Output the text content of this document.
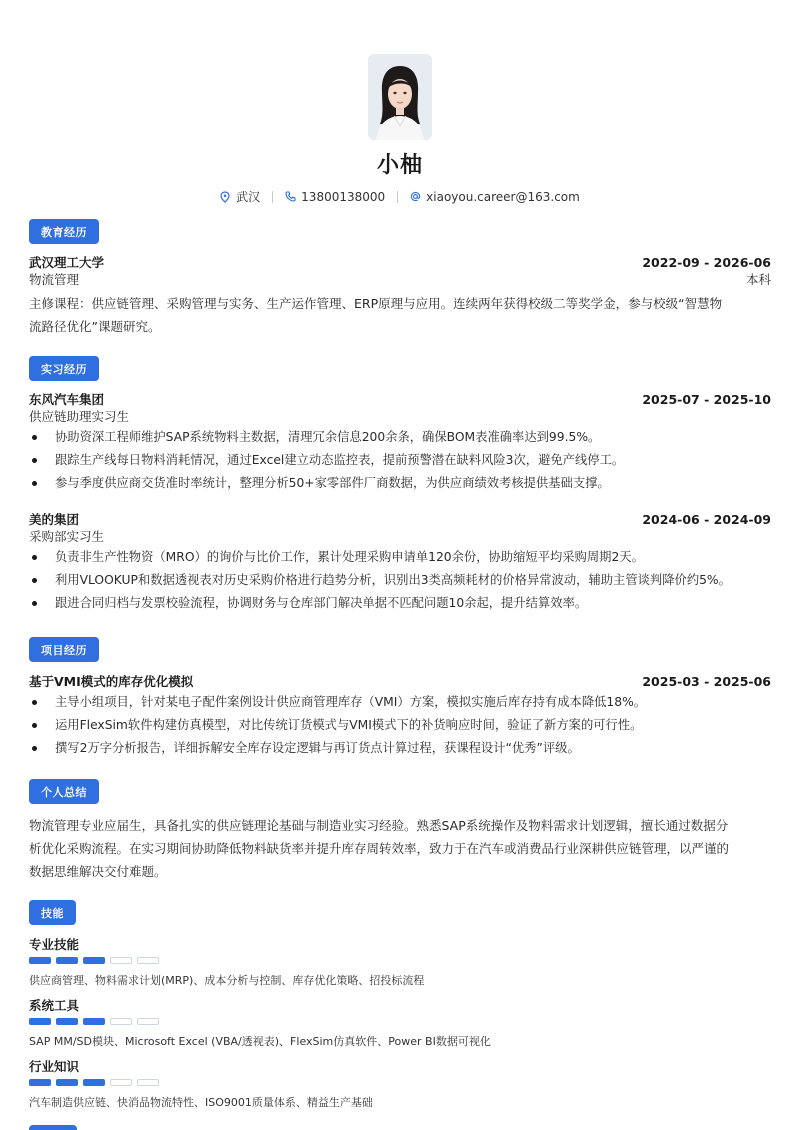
小柚
武汉	13800138000	xiaoyou.career@163.com
教育经历
武汉理工大学	2022-09 - 2026-06
物流管理	本科
主修课程：供应链管理、采购管理与实务、生产运作管理、ERP原理与应用。连续两年获得校级二等奖学金，参与校级“智慧物
流路径优化”课题研究。
实习经历
东风汽车集团	2025-07 - 2025-10
供应链助理实习生
协助资深工程师维护SAP系统物料主数据，清理冗余信息200余条，确保BOM表准确率达到99.5%。
跟踪生产线每日物料消耗情况，通过Excel建立动态监控表，提前预警潜在缺料风险3次，避免产线停工。
参与季度供应商交货准时率统计，整理分析50+家零部件厂商数据，为供应商绩效考核提供基础支撑。
美的集团	2024-06 - 2024-09
采购部实习生
负责非生产性物资（MRO）的询价与比价工作，累计处理采购申请单120余份，协助缩短平均采购周期2天。
利用VLOOKUP和数据透视表对历史采购价格进行趋势分析，识别出3类高频耗材的价格异常波动，辅助主管谈判降价约5%。
跟进合同归档与发票校验流程，协调财务与仓库部门解决单据不匹配问题10余起，提升结算效率。
项目经历
基于VMI模式的库存优化模拟	2025-03 - 2025-06
主导小组项目，针对某电子配件案例设计供应商管理库存（VMI）方案，模拟实施后库存持有成本降低18%。
运用FlexSim软件构建仿真模型，对比传统订货模式与VMI模式下的补货响应时间，验证了新方案的可行性。
撰写2万字分析报告，详细拆解安全库存设定逻辑与再订货点计算过程，获课程设计“优秀”评级。
个人总结
物流管理专业应届生，具备扎实的供应链理论基础与制造业实习经验。熟悉SAP系统操作及物料需求计划逻辑，擅长通过数据分
析优化采购流程。在实习期间协助降低物料缺货率并提升库存周转效率，致力于在汽车或消费品行业深耕供应链管理，以严谨的
数据思维解决交付难题。
技能
专业技能
供应商管理、物料需求计划(MRP)、成本分析与控制、库存优化策略、招投标流程
系统工具
SAP MM/SD模块、Microsoft Excel (VBA/透视表)、FlexSim仿真软件、Power BI数据可视化
行业知识
汽车制造供应链、快消品物流特性、ISO9001质量体系、精益生产基础
